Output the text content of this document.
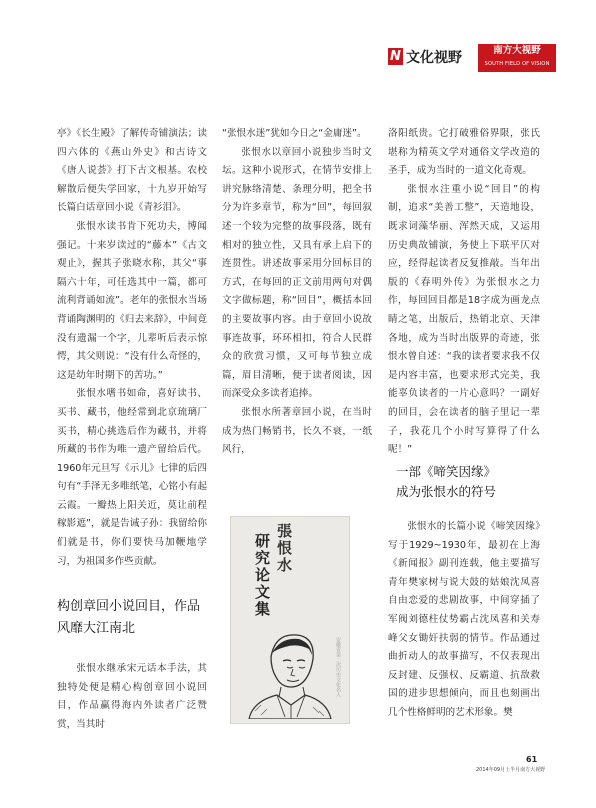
N 文化视野	南方大视野
SOUTH FIELD OF VISION

亭》《长生殿》了解传奇铺演法；读四六体的《燕山外史》和古诗文《唐人说荟》打下古文根基。农校解散后便失学回家，十九岁开始写长篇白话章回小说《青衫泪》。

张恨水读书肯下死功夫，博闻强记。十来岁读过的“藤本”《古文观止》，握其子张晓水称，其父“事隔六十年，可任选其中一篇，都可流利背诵如流”。老年的张恨水当场背诵陶渊明的《归去来辞》，中间竟没有遗漏一个字，儿辈听后表示惊愕，其父则说：“没有什么奇怪的，这是幼年时期下的苦功。”

张恨水嗜书如命，喜好读书、买书、藏书，他经常到北京琉璃厂买书，精心挑选后作为藏书，并将所藏的书作为唯一遗产留给后代。1960年元旦写《示儿》七律的后四句有“手泽无多唯纸笔，心铭小有起云霞。一瓣热上阳关近，莫让前程稼影遮”，就是告诫子孙：我留给你们就是书，你们要快马加鞭地学习，为祖国多作些贡献。

构创章回小说回目，作品风靡大江南北

张恨水继承宋元话本手法，其独特处便是精心构创章回小说回目，作品赢得海内外读者广泛赞赏，当其时

“张恨水迷”犹如今日之“金庸迷”。

张恨水以章回小说独步当时文坛。这种小说形式，在情节安排上讲究脉络清楚、条理分明，把全书分为许多章节，称为“回”，每回叙述一个较为完整的故事段落，既有相对的独立性，又具有承上启下的连贯性。讲述故事采用分回标目的方式，在每回的正文前用两句对偶文字做标题，称“回目”，概括本回的主要故事内容。由于章回小说故事连故事，环环相扣，符合人民群众的欣赏习惯，又可每节独立成篇，眉目清晰，便于读者阅读，因而深受众多读者追捧。

张恨水所著章回小说，在当时成为热门畅销书，长久不衰，一纸风行，

張
恨
水
研
究
论
文
集
安徽省第二次历史文化名人

洛阳纸贵。它打破雅俗界限，张氏堪称为精英文学对通俗文学改造的圣手，成为当时的一道文化奇观。

张恨水注重小说“回目”的构制，追求“美善工整”，天造地设，既求词藻华丽、浑然天成，又运用历史典故铺演，务使上下联平仄对应，经得起读者反复推敲。当年出版的《春明外传》为张恨水之力作，每回回目都是18字成为画龙点睛之笔，出版后，热销北京、天津各地，成为当时出版界的奇迹，张恨水曾自述：“我的读者要求我不仅是内容丰富，也要求形式完美，我能辜负读者的一片心意吗？一副好的回目，会在读者的脑子里记一辈子，我花几个小时写算得了什么呢！”

一部《啼笑因缘》
成为张恨水的符号

张恨水的长篇小说《啼笑因缘》写于1929~1930年，最初在上海《新闻报》副刊连载，他主要描写青年樊家树与说大鼓的姑娘沈凤喜自由恋爱的悲剧故事，中间穿插了军阀刘德柱仗势霸占沈凤喜和关寿峰父女锄奸扶弱的情节。作品通过曲折动人的故事描写，不仅表现出反封建、反强权、反霸道、抗敌救国的进步思想倾向，而且也刻画出几个性格鲜明的艺术形象。樊

61
2014年09月上半月南方大视野
